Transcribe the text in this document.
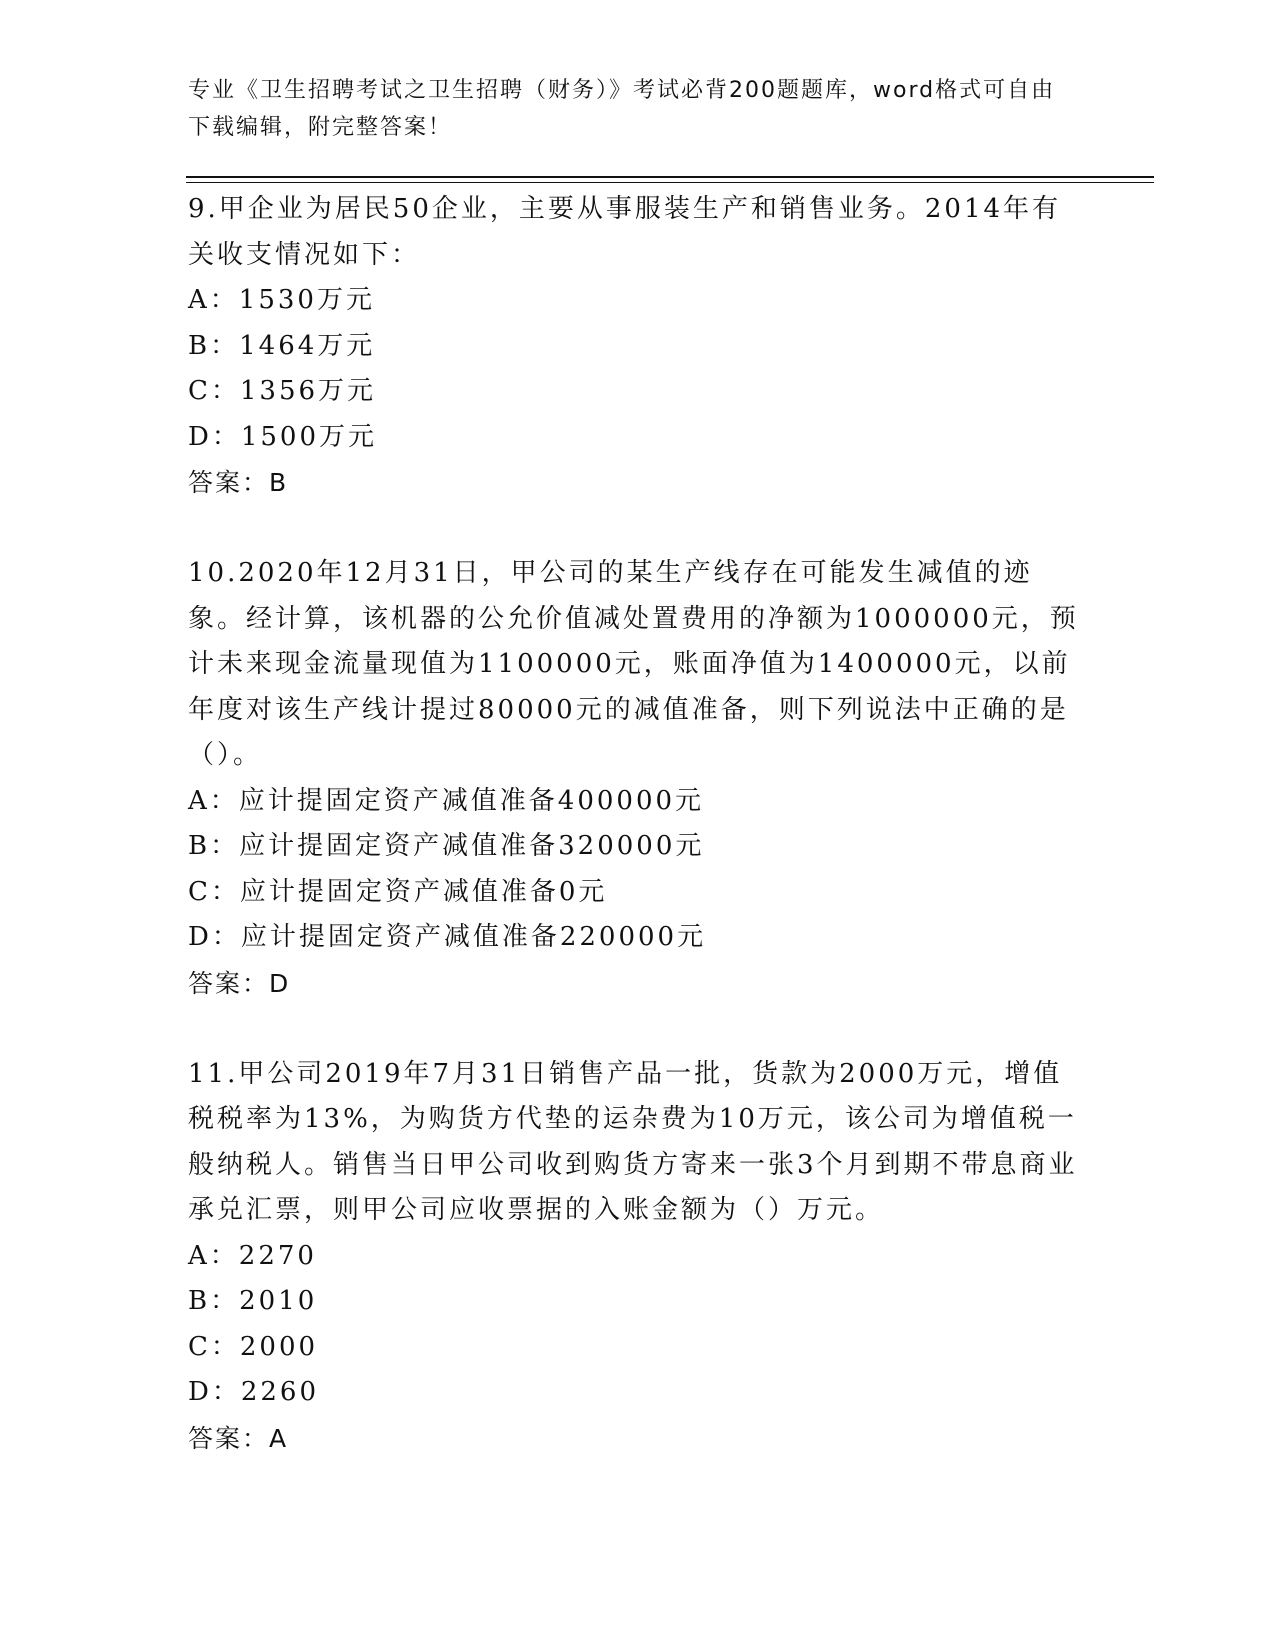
专业《卫生招聘考试之卫生招聘（财务）》考试必背200题题库，word格式可自由下载编辑，附完整答案！

9.甲企业为居民50企业，主要从事服装生产和销售业务。2014年有关收支情况如下：

A：1530万元

B：1464万元

C：1356万元

D：1500万元

答案：B

10.2020年12月31日，甲公司的某生产线存在可能发生减值的迹象。经计算，该机器的公允价值减处置费用的净额为1000000元，预计未来现金流量现值为1100000元，账面净值为1400000元，以前年度对该生产线计提过80000元的减值准备，则下列说法中正确的是（）。

A：应计提固定资产减值准备400000元

B：应计提固定资产减值准备320000元

C：应计提固定资产减值准备0元

D：应计提固定资产减值准备220000元

答案：D

11.甲公司2019年7月31日销售产品一批，货款为2000万元，增值税税率为13%，为购货方代垫的运杂费为10万元，该公司为增值税一般纳税人。销售当日甲公司收到购货方寄来一张3个月到期不带息商业承兑汇票，则甲公司应收票据的入账金额为（）万元。

A：2270

B：2010

C：2000

D：2260

答案：A
